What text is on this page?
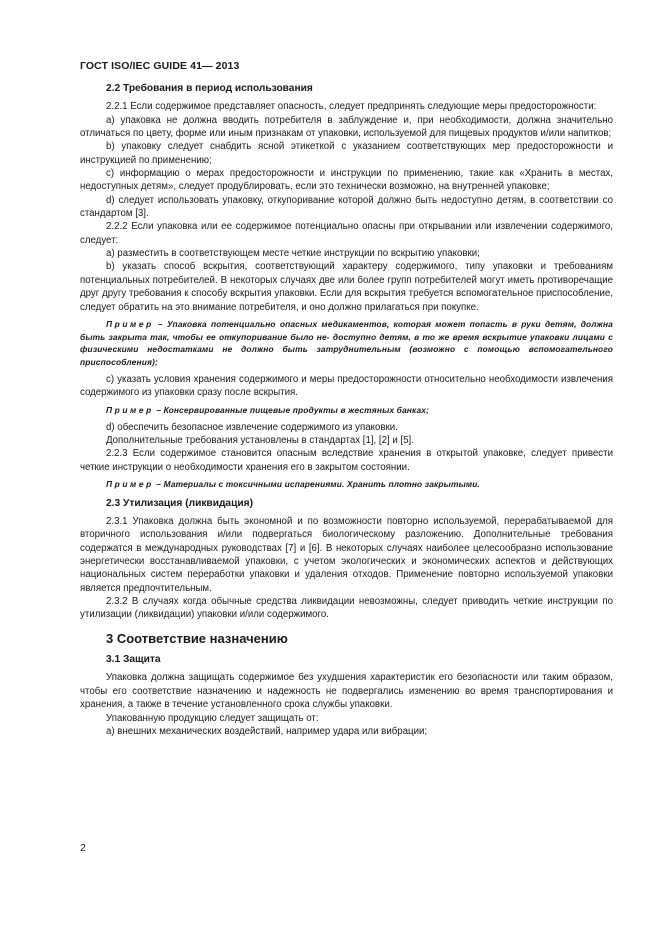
ГОСТ ISO/IEC GUIDE 41— 2013
2.2 Требования в период использования

2.2.1 Если содержимое представляет опасность, следует предпринять следующие меры предосторожности:

a) упаковка не должна вводить потребителя в заблуждение и, при необходимости, должна значительно отличаться по цвету, форме или иным признакам от упаковки, используемой для пищевых продуктов и/или напитков;

b) упаковку следует снабдить ясной этикеткой с указанием соответствующих мер предосторожности и инструкцией по применению;

c) информацию о мерах предосторожности и инструкции по применению, такие как «Хранить в местах, недоступных детям», следует продублировать, если это технически возможно, на внутренней упаковке;

d) следует использовать упаковку, откупоривание которой должно быть недоступно детям, в соответствии со стандартом [3].

2.2.2 Если упаковка или ее содержимое потенциально опасны при открывании или извлечении содержимого, следует:

a) разместить в соответствующем месте четкие инструкции по вскрытию упаковки;

b) указать способ вскрытия, соответствующий характеру содержимого, типу упаковки и требованиям потенциальных потребителей. В некоторых случаях две или более групп потребителей могут иметь противоречащие друг другу требования к способу вскрытия упаковки. Если для вскрытия требуется вспомогательное приспособление, следует обратить на это внимание потребителя, и оно должно прилагаться при покупке.

Пример – Упаковка потенциально опасных медикаментов, которая может попасть в руки детям, должна быть закрыта так, чтобы ее откупоривание было не- доступно детям, в то же время вскрытие упаковки лицами с физическими недостатками не должно быть затруднительным (возможно с помощью вспомогательного приспособления);

c) указать условия хранения содержимого и меры предосторожности относительно необходимости извлечения содержимого из упаковки сразу после вскрытия.

Пример – Консервированные пищевые продукты в жестяных банках;

d) обеспечить безопасное извлечение содержимого из упаковки.

Дополнительные требования установлены в стандартах [1], [2] и [5].

2.2.3 Если содержимое становится опасным вследствие хранения в открытой упаковке, следует привести четкие инструкции о необходимости хранения его в закрытом состоянии.

Пример – Материалы с токсичными испарениями. Хранить плотно закрытыми.

2.3 Утилизация (ликвидация)

2.3.1 Упаковка должна быть экономной и по возможности повторно используемой, перерабатываемой для вторичного использования и/или подвергаться биологическому разложению. Дополнительные требования содержатся в международных руководствах [7] и [6]. В некоторых случаях наиболее целесообразно использование энергетически восстанавливаемой упаковки, с учетом экологических и экономических аспектов и действующих национальных систем переработки упаковки и удаления отходов. Применение повторно используемой упаковки является предпочтительным.

2.3.2 В случаях когда обычные средства ликвидации невозможны, следует приводить четкие инструкции по утилизации (ликвидации) упаковки и/или содержимого.

3 Соответствие назначению
3.1 Защита

Упаковка должна защищать содержимое без ухудшения характеристик его безопасности или таким образом, чтобы его соответствие назначению и надежность не подвергались изменению во время транспортирования и хранения, а также в течение установленного срока службы упаковки.

Упакованную продукцию следует защищать от:

a) внешних механических воздействий, например удара или вибрации;

2
